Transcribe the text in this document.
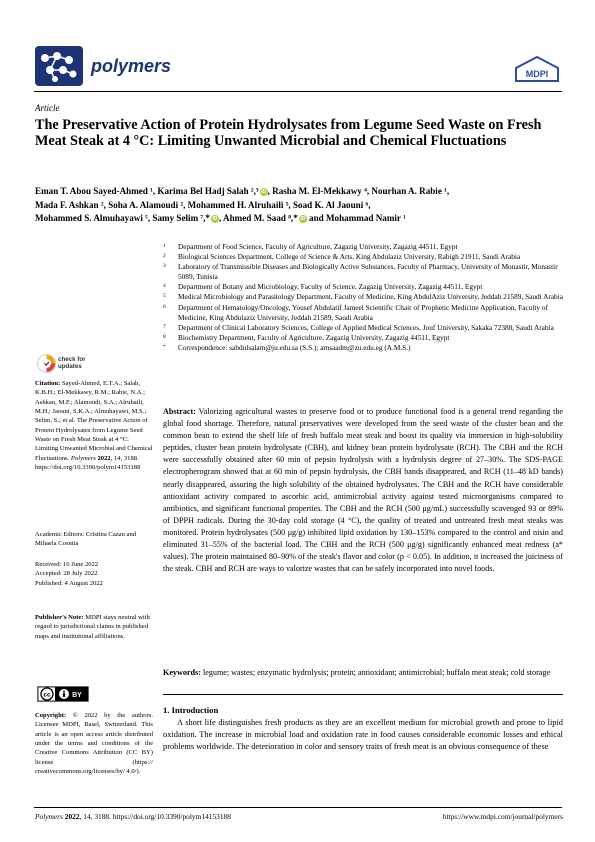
polymers	MDPI
Article
The Preservative Action of Protein Hydrolysates from Legume Seed Waste on Fresh Meat Steak at 4 °C: Limiting Unwanted Microbial and Chemical Fluctuations
Eman T. Abou Sayed-Ahmed ¹, Karima Bel Hadj Salah ²,³ iD , Rasha M. El-Mekkawy ⁴, Nourhan A. Rabie ¹,
Mada F. Ashkan ², Soha A. Alamoudi ², Mohammed H. Alruhaili ⁵, Soad K. Al Jaouni ⁶,
Mohammed S. Almuhayawi ⁵, Samy Selim ⁷,* iD , Ahmed M. Saad ⁸,* iD and Mohammad Namir ¹
1 Department of Food Science, Faculty of Agriculture, Zagazig University, Zagazig 44511, Egypt
2 Biological Sciences Department, College of Science & Arts, King Abdulaziz University, Rabigh 21911, Saudi Arabia
3 Laboratory of Transmissible Diseases and Biologically Active Substances, Faculty of Pharmacy, University of Monastir, Monastir 5089, Tunisia
4 Department of Botany and Microbiology, Faculty of Science, Zagazig University, Zagazig 44511, Egypt
5 Medical Microbiology and Parasitology Department, Faculty of Medicine, King AbdulAziz University, Jeddah 21589, Saudi Arabia
6 Department of Hematology/Oncology, Yousef Abdulatif Jameel Scientific Chair of Prophetic Medicine Application, Faculty of Medicine, King Abdulaziz University, Jeddah 21589, Saudi Arabia
7 Department of Clinical Laboratory Sciences, College of Applied Medical Sciences, Jouf University, Sakaka 72388, Saudi Arabia
8 Biochemistry Department, Faculty of Agriculture, Zagazig University, Zagazig 44511, Egypt
* Correspondence: sabdulsalam@ju.edu.sa (S.S.); amsaadm@zu.edu.eg (A.M.S.)
check for updates
Citation: Sayed-Ahmed, E.T.A.; Salah, K.B.H.; El-Mekkawy, R.M.; Rabie, N.A.; Ashkan, M.F.; Alamoudi, S.A.; Alruhaili, M.H.; Jaouni, S.K.A.; Almuhayawi, M.S.; Selim, S.; et al. The Preservative Action of Protein Hydrolysates from Legume Seed Waste on Fresh Meat Steak at 4 °C: Limiting Unwanted Microbial and Chemical Fluctuations. Polymers 2022, 14, 3188. https://doi.org/10.3390/polym14153188
Academic Editors: Cristina Cazan and Mihaela Cosnita
Received: 16 June 2022
Accepted: 28 July 2022
Published: 4 August 2022
Publisher's Note: MDPI stays neutral with regard to jurisdictional claims in published maps and institutional affiliations.
cc	BY
Copyright: © 2022 by the authors. Licensee MDPI, Basel, Switzerland. This article is an open access article distributed under the terms and conditions of the Creative Commons Attribution (CC BY) license (https:// creativecommons.org/licenses/by/ 4.0/).
Abstract: Valorizing agricultural wastes to preserve food or to produce functional food is a general trend regarding the global food shortage. Therefore, natural preservatives were developed from the seed waste of the cluster bean and the common bean to extend the shelf life of fresh buffalo meat steak and boost its quality via immersion in high-solubility peptides, cluster bean protein hydrolysate (CBH), and kidney bean protein hydrolysate (RCH). The CBH and the RCH were successfully obtained after 60 min of pepsin hydrolysis with a hydrolysis degree of 27–30%. The SDS-PAGE electropherogram showed that at 60 min of pepsin hydrolysis, the CBH bands disappeared, and RCH (11–48 kD bands) nearly disappeared, assuring the high solubility of the obtained hydrolysates. The CBH and the RCH have considerable antioxidant activity compared to ascorbic acid, antimicrobial activity against tested microorganisms compared to antibiotics, and significant functional properties. The CBH and the RCH (500 μg/mL) successfully scavenged 93 or 89% of DPPH radicals. During the 30-day cold storage (4 °C), the quality of treated and untreated fresh meat steaks was monitored. Protein hydrolysates (500 μg/g) inhibited lipid oxidation by 130–153% compared to the control and nisin and eliminated 31–55% of the bacterial load. The CBH and the RCH (500 μg/g) significantly enhanced meat redness (a* values). The protein maintained 80–90% of the steak's flavor and color (p < 0.05). In addition, it increased the juiciness of the steak. CBH and RCH are ways to valorize wastes that can be safely incorporated into novel foods.
Keywords: legume; wastes; enzymatic hydrolysis; protein; antioxidant; antimicrobial; buffalo meat steak; cold storage
1. Introduction
A short life distinguishes fresh products as they are an excellent medium for microbial growth and prone to lipid oxidation. The increase in microbial load and oxidation rate in food causes considerable economic losses and ethical problems worldwide. The deterioration in color and sensory traits of fresh meat is an obvious consequence of these
Polymers 2022, 14, 3188. https://doi.org/10.3390/polym14153188	https://www.mdpi.com/journal/polymers
